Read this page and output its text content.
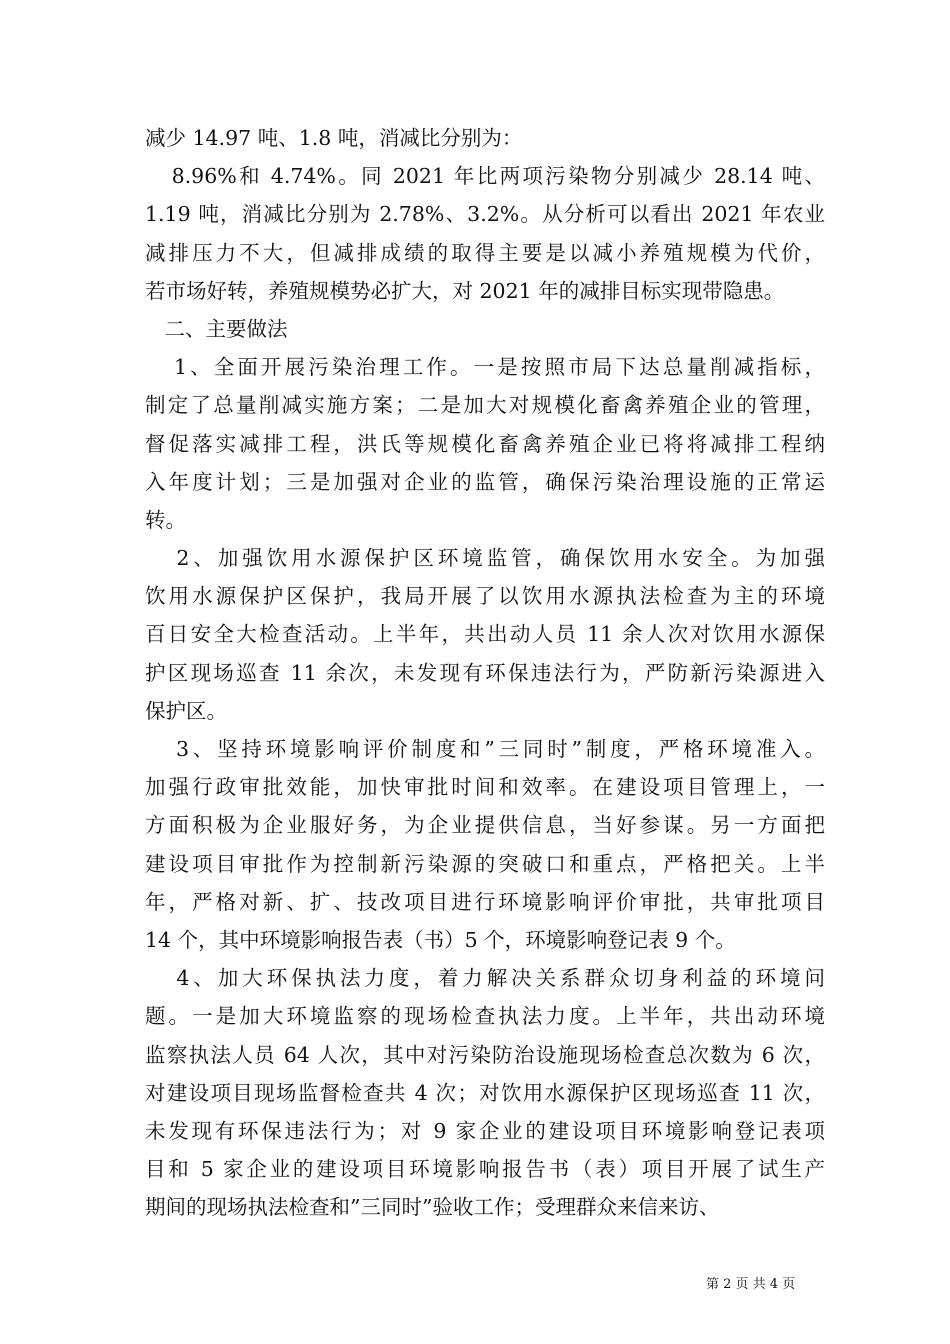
减少 14.97 吨、1.8 吨，消减比分别为：
8.96%和 4.74%。同 2021 年比两项污染物分别减少 28.14 吨、
1.19 吨，消减比分别为 2.78%、3.2%。从分析可以看出 2021 年农业
减排压力不大，但减排成绩的取得主要是以减小养殖规模为代价，
若市场好转，养殖规模势必扩大，对 2021 年的减排目标实现带隐患。
二、主要做法
1、全面开展污染治理工作。一是按照市局下达总量削减指标，
制定了总量削减实施方案；二是加大对规模化畜禽养殖企业的管理，
督促落实减排工程，洪氏等规模化畜禽养殖企业已将将减排工程纳
入年度计划；三是加强对企业的监管，确保污染治理设施的正常运
转。
2、加强饮用水源保护区环境监管，确保饮用水安全。为加强
饮用水源保护区保护，我局开展了以饮用水源执法检查为主的环境
百日安全大检查活动。上半年，共出动人员 11 余人次对饮用水源保
护区现场巡查 11 余次，未发现有环保违法行为，严防新污染源进入
保护区。
3、坚持环境影响评价制度和”三同时”制度，严格环境准入。
加强行政审批效能，加快审批时间和效率。在建设项目管理上，一
方面积极为企业服好务，为企业提供信息，当好参谋。另一方面把
建设项目审批作为控制新污染源的突破口和重点，严格把关。上半
年，严格对新、扩、技改项目进行环境影响评价审批，共审批项目
14 个，其中环境影响报告表（书）5 个，环境影响登记表 9 个。
4、加大环保执法力度，着力解决关系群众切身利益的环境问
题。一是加大环境监察的现场检查执法力度。上半年，共出动环境
监察执法人员 64 人次，其中对污染防治设施现场检查总次数为 6 次，
对建设项目现场监督检查共 4 次；对饮用水源保护区现场巡查 11 次，
未发现有环保违法行为；对 9 家企业的建设项目环境影响登记表项
目和 5 家企业的建设项目环境影响报告书（表）项目开展了试生产
期间的现场执法检查和”三同时”验收工作；受理群众来信来访、
第 2 页 共 4 页
